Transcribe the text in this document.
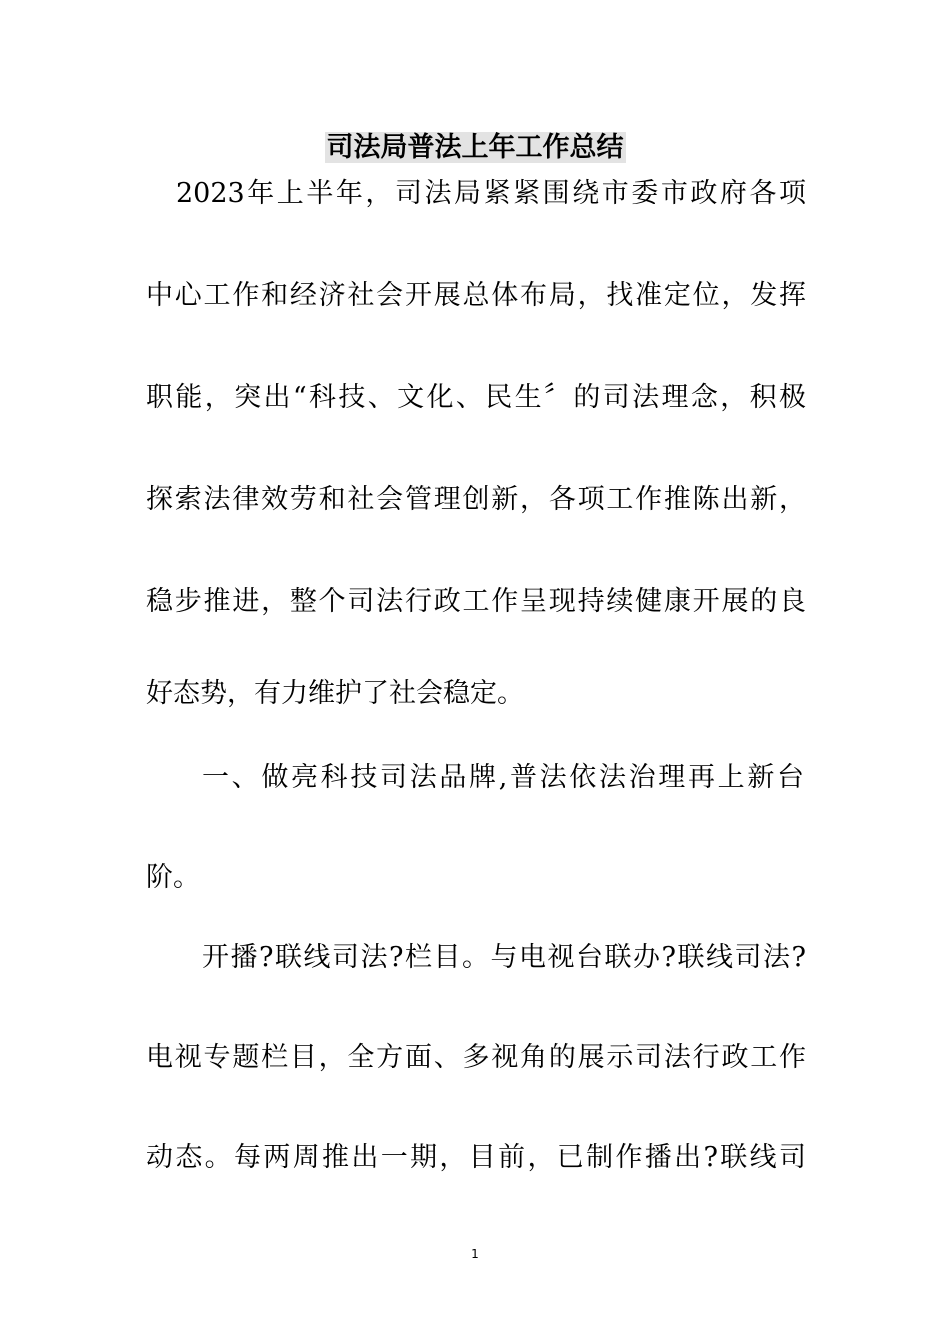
司法局普法上年工作总结
2023年上半年，司法局紧紧围绕市委市政府各项
中心工作和经济社会开展总体布局，找准定位，发挥
职能，突出“科技、文化、民生〞的司法理念，积极
探索法律效劳和社会管理创新，各项工作推陈出新，
稳步推进，整个司法行政工作呈现持续健康开展的良
好态势，有力维护了社会稳定。
一、做亮科技司法品牌,普法依法治理再上新台
阶。
开播?联线司法?栏目。与电视台联办?联线司法?
电视专题栏目，全方面、多视角的展示司法行政工作
动态。每两周推出一期，目前，已制作播出?联线司
1
